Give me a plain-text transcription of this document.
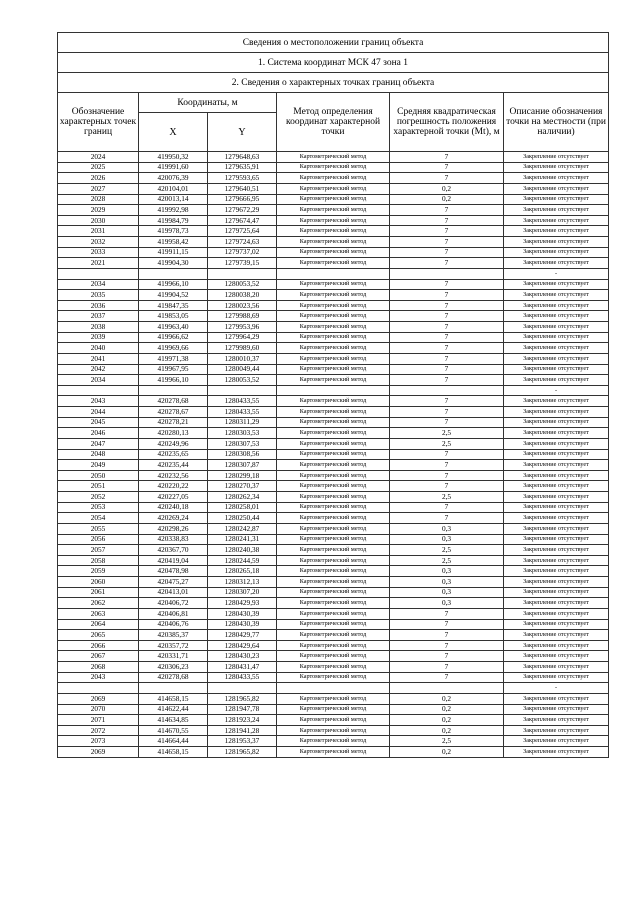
Сведения о местоположении границ объекта					
1. Система координат МСК 47 зона 1					
2. Сведения о характерных точках границ объекта					
Обозначение характерных точек границ	Координаты, м		Метод определения координат характерной точки	Средняя квадратическая погрешность положения характерной точки (Mt), м	Описание обозначения точки на местности (при наличии)
	X	Y			
2024	419950,32	1279648,63	Картометрический метод	7	Закрепление отсутствует
2025	419991,60	1279635,91	Картометрический метод	7	Закрепление отсутствует
2026	420076,39	1279593,65	Картометрический метод	7	Закрепление отсутствует
2027	420104,01	1279640,51	Картометрический метод	0,2	Закрепление отсутствует
2028	420013,14	1279666,95	Картометрический метод	0,2	Закрепление отсутствует
2029	419992,98	1279672,29	Картометрический метод	7	Закрепление отсутствует
2030	419984,79	1279674,47	Картометрический метод	7	Закрепление отсутствует
2031	419978,73	1279725,64	Картометрический метод	7	Закрепление отсутствует
2032	419958,42	1279724,63	Картометрический метод	7	Закрепление отсутствует
2033	419911,15	1279737,02	Картометрический метод	7	Закрепление отсутствует
2021	419904,30	1279739,15	Картометрический метод	7	Закрепление отсутствует
					-
2034	419966,10	1280053,52	Картометрический метод	7	Закрепление отсутствует
2035	419904,52	1280038,20	Картометрический метод	7	Закрепление отсутствует
2036	419847,35	1280023,56	Картометрический метод	7	Закрепление отсутствует
2037	419853,05	1279988,69	Картометрический метод	7	Закрепление отсутствует
2038	419963,40	1279953,96	Картометрический метод	7	Закрепление отсутствует
2039	419966,62	1279964,29	Картометрический метод	7	Закрепление отсутствует
2040	419969,66	1279989,60	Картометрический метод	7	Закрепление отсутствует
2041	419971,38	1280010,37	Картометрический метод	7	Закрепление отсутствует
2042	419967,95	1280049,44	Картометрический метод	7	Закрепление отсутствует
2034	419966,10	1280053,52	Картометрический метод	7	Закрепление отсутствует
					-
2043	420278,68	1280433,55	Картометрический метод	7	Закрепление отсутствует
2044	420278,67	1280433,55	Картометрический метод	7	Закрепление отсутствует
2045	420278,21	1280311,29	Картометрический метод	7	Закрепление отсутствует
2046	420280,13	1280303,53	Картометрический метод	2,5	Закрепление отсутствует
2047	420249,96	1280307,53	Картометрический метод	2,5	Закрепление отсутствует
2048	420235,65	1280308,56	Картометрический метод	7	Закрепление отсутствует
2049	420235,44	1280307,87	Картометрический метод	7	Закрепление отсутствует
2050	420232,56	1280299,18	Картометрический метод	7	Закрепление отсутствует
2051	420220,22	1280270,37	Картометрический метод	7	Закрепление отсутствует
2052	420227,05	1280262,34	Картометрический метод	2,5	Закрепление отсутствует
2053	420240,18	1280258,01	Картометрический метод	7	Закрепление отсутствует
2054	420269,24	1280250,44	Картометрический метод	7	Закрепление отсутствует
2055	420298,26	1280242,87	Картометрический метод	0,3	Закрепление отсутствует
2056	420338,83	1280241,31	Картометрический метод	0,3	Закрепление отсутствует
2057	420367,70	1280240,38	Картометрический метод	2,5	Закрепление отсутствует
2058	420419,04	1280244,59	Картометрический метод	2,5	Закрепление отсутствует
2059	420478,98	1280265,18	Картометрический метод	0,3	Закрепление отсутствует
2060	420475,27	1280312,13	Картометрический метод	0,3	Закрепление отсутствует
2061	420413,01	1280307,20	Картометрический метод	0,3	Закрепление отсутствует
2062	420406,72	1280429,93	Картометрический метод	0,3	Закрепление отсутствует
2063	420406,81	1280430,39	Картометрический метод	7	Закрепление отсутствует
2064	420406,76	1280430,39	Картометрический метод	7	Закрепление отсутствует
2065	420385,37	1280429,77	Картометрический метод	7	Закрепление отсутствует
2066	420357,72	1280429,64	Картометрический метод	7	Закрепление отсутствует
2067	420331,71	1280430,23	Картометрический метод	7	Закрепление отсутствует
2068	420306,23	1280431,47	Картометрический метод	7	Закрепление отсутствует
2043	420278,68	1280433,55	Картометрический метод	7	Закрепление отсутствует
					-
2069	414658,15	1281965,82	Картометрический метод	0,2	Закрепление отсутствует
2070	414622,44	1281947,78	Картометрический метод	0,2	Закрепление отсутствует
2071	414634,85	1281923,24	Картометрический метод	0,2	Закрепление отсутствует
2072	414670,55	1281941,28	Картометрический метод	0,2	Закрепление отсутствует
2073	414664,44	1281953,37	Картометрический метод	2,5	Закрепление отсутствует
2069	414658,15	1281965,82	Картометрический метод	0,2	Закрепление отсутствует
